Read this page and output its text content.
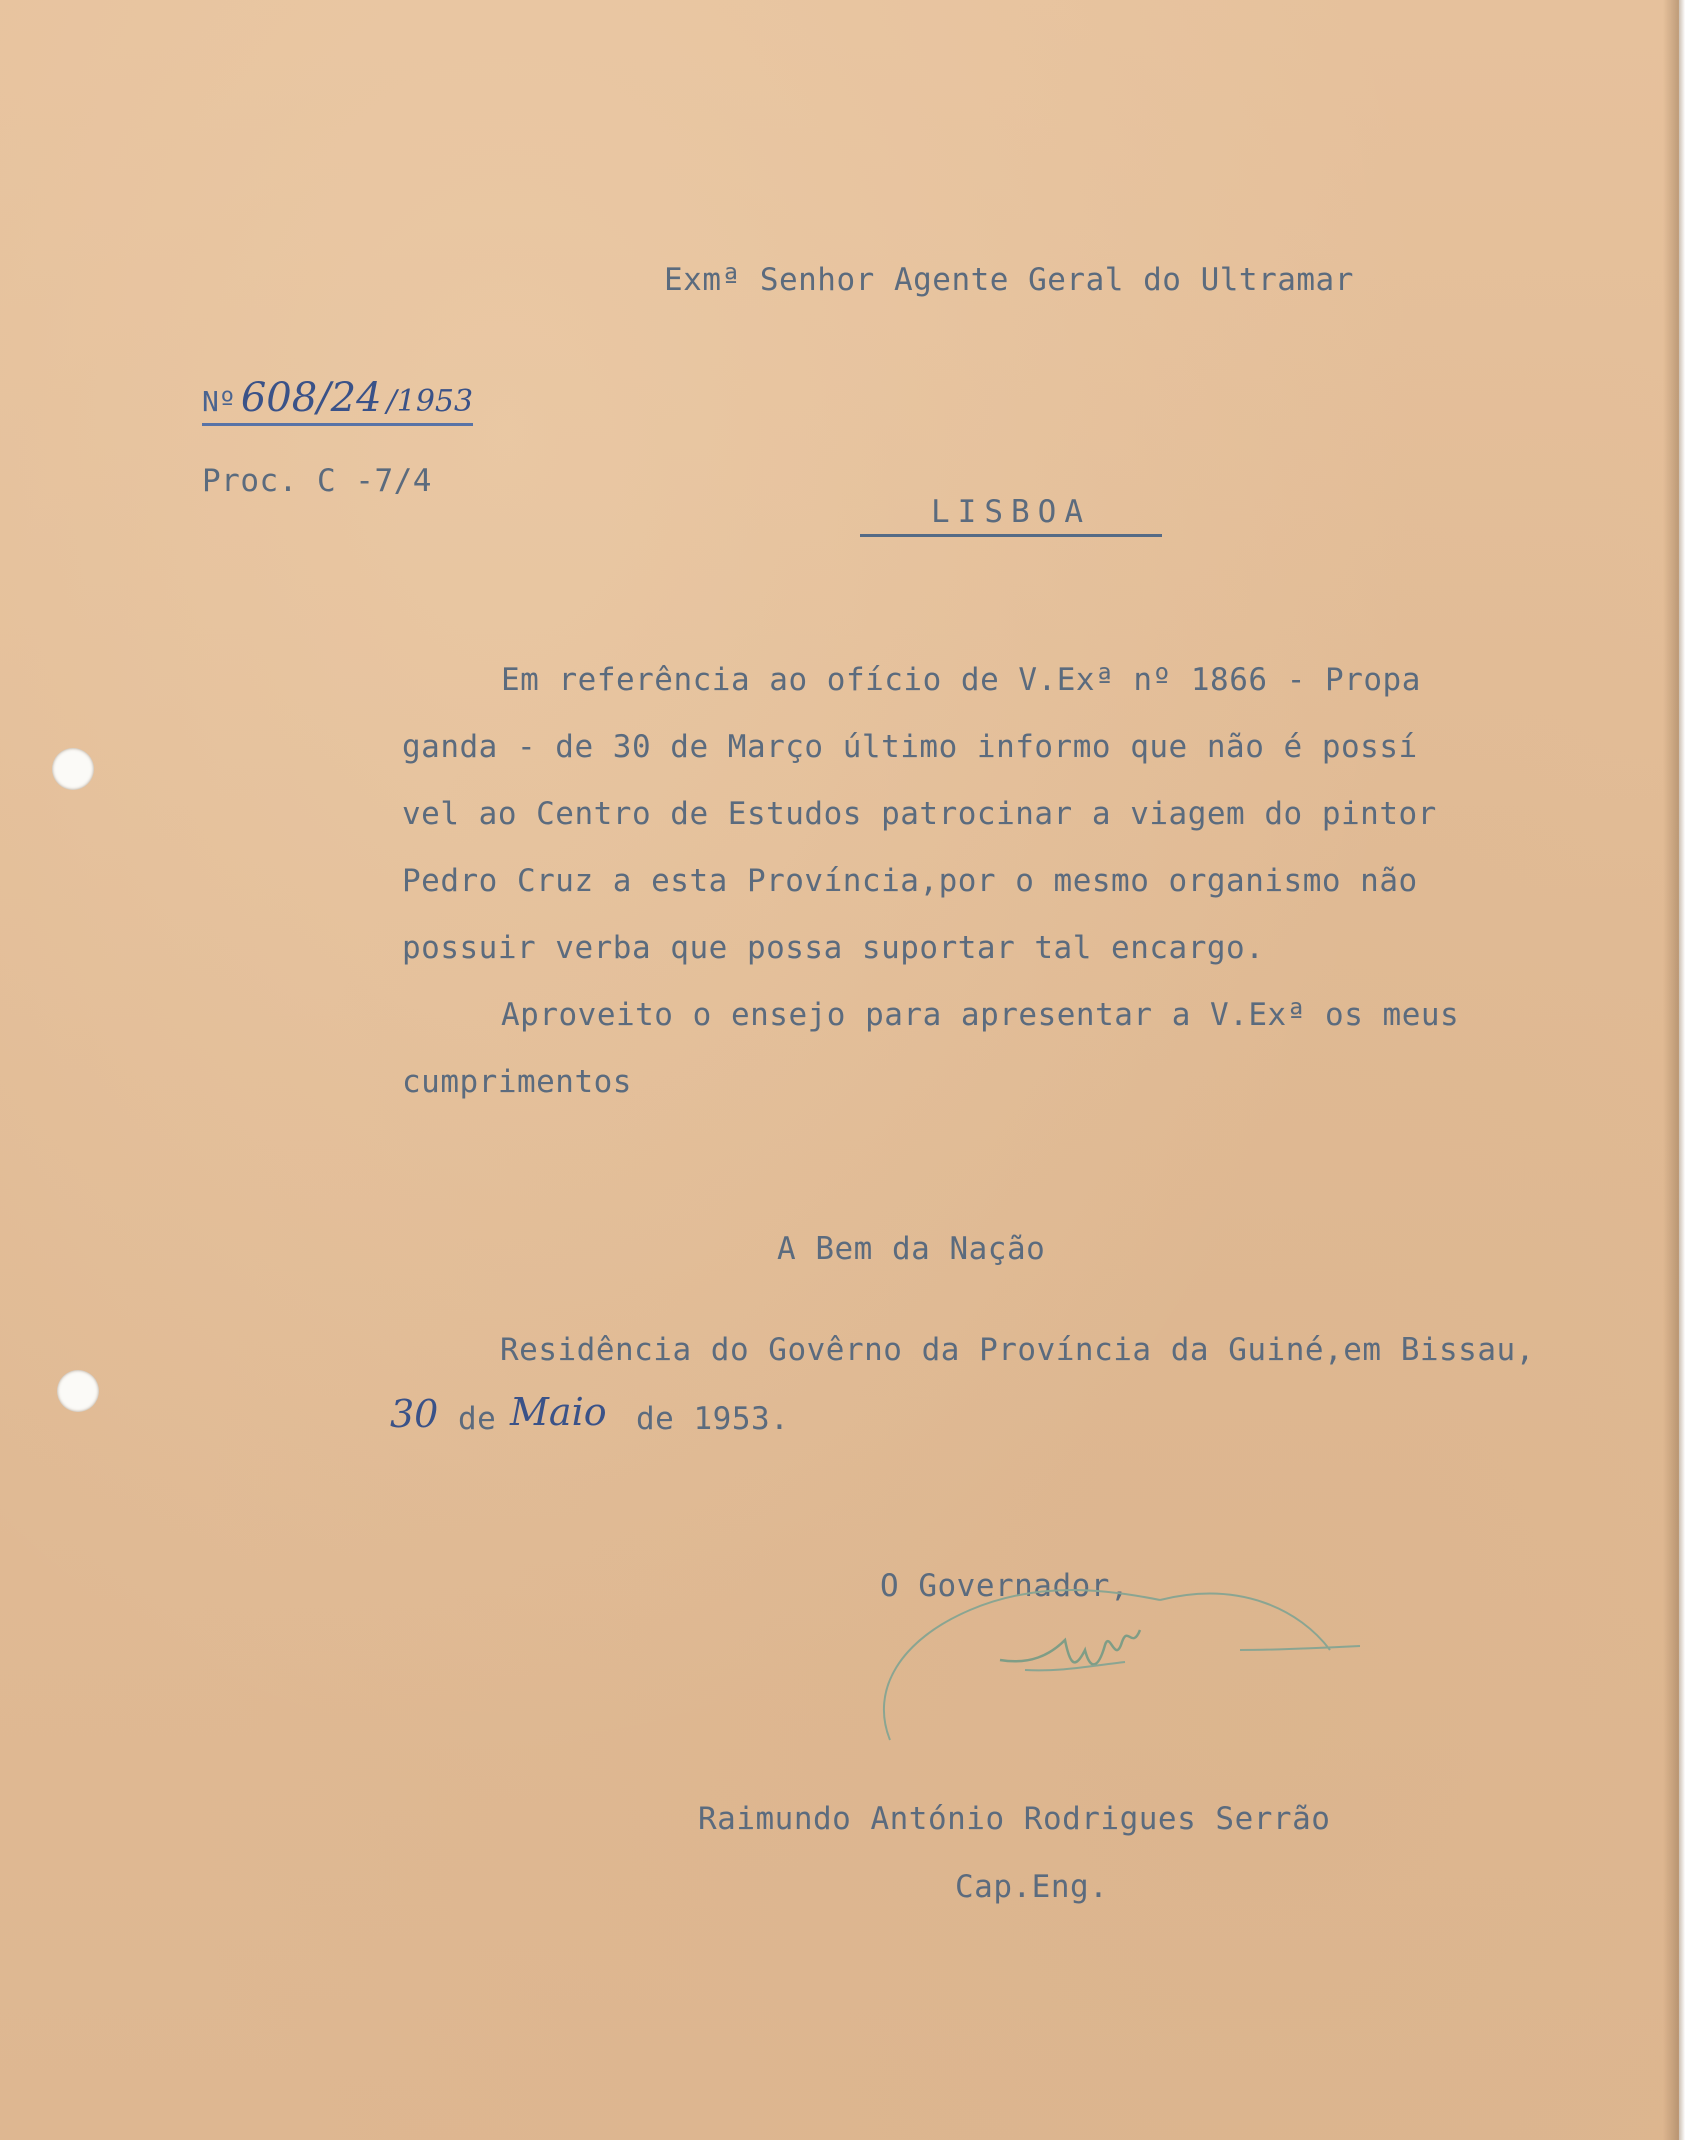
Exmª Senhor Agente Geral do Ultramar
Nº 608/24 /1953
Proc. C -7/4
LISBOA
Em referência ao ofício de V.Exª nº 1866 - Propa
ganda - de 30 de Março último informo que não é possí
vel ao Centro de Estudos patrocinar a viagem do pintor
Pedro Cruz a esta Província,por o mesmo organismo não
possuir verba que possa suportar tal encargo.
Aproveito o ensejo para apresentar a V.Exª os meus
cumprimentos
A Bem da Nação
Residência do Govêrno da Província da Guiné,em Bissau,
30 de Maio de 1953.
O Governador,
Raimundo António Rodrigues Serrão
Cap.Eng.
